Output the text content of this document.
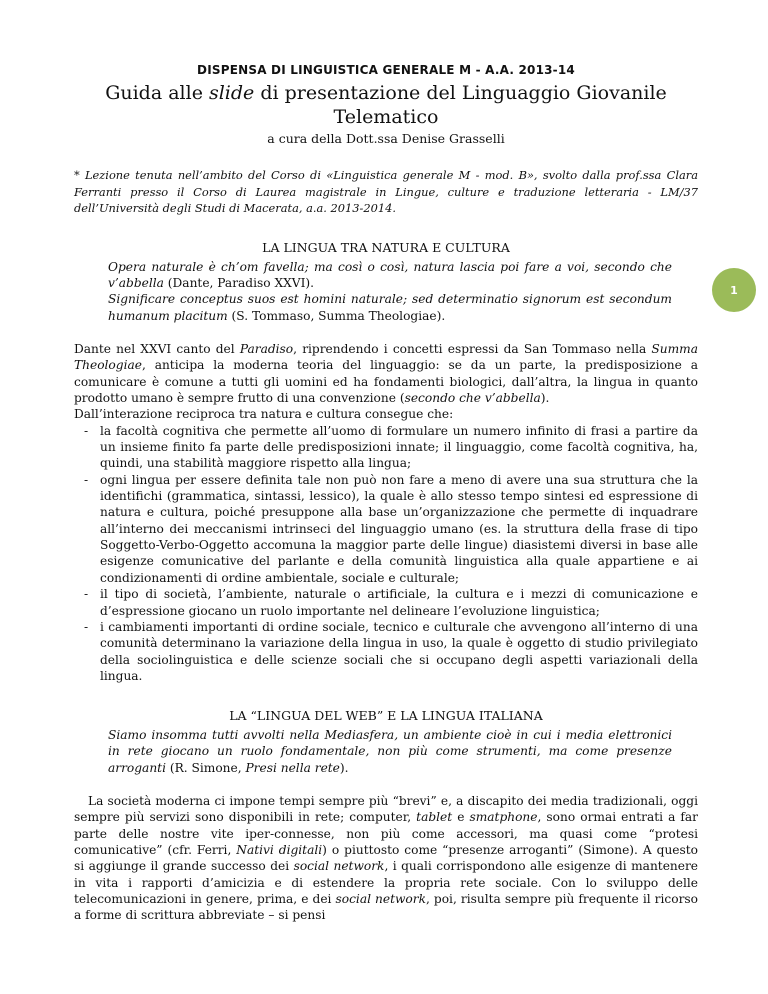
DISPENSA DI LINGUISTICA GENERALE M - A.A. 2013-14
Guida alle slide di presentazione del Linguaggio Giovanile Telematico
a cura della Dott.ssa Denise Grasselli
* Lezione tenuta nell’ambito del Corso di «Linguistica generale M - mod. B», svolto dalla prof.ssa Clara Ferranti presso il Corso di Laurea magistrale in Lingue, culture e traduzione letteraria - LM/37 dell’Università degli Studi di Macerata, a.a. 2013-2014.
LA LINGUA TRA NATURA E CULTURA

Opera naturale è ch’om favella; ma così o così, natura lascia poi fare a voi, secondo che v’abbella (Dante, Paradiso XXVI).

Significare conceptus suos est homini naturale; sed determinatio signorum est secondum humanum placitum (S. Tommaso, Summa Theologiae).

Dante nel XXVI canto del Paradiso, riprendendo i concetti espressi da San Tommaso nella Summa Theologiae, anticipa la moderna teoria del linguaggio: se da un parte, la predisposizione a comunicare è comune a tutti gli uomini ed ha fondamenti biologici, dall’altra, la lingua in quanto prodotto umano è sempre frutto di una convenzione (secondo che v’abbella).

Dall’interazione reciproca tra natura e cultura consegue che:

- la facoltà cognitiva che permette all’uomo di formulare un numero infinito di frasi a partire da un insieme finito fa parte delle predisposizioni innate; il linguaggio, come facoltà cognitiva, ha, quindi, una stabilità maggiore rispetto alla lingua;
- ogni lingua per essere definita tale non può non fare a meno di avere una sua struttura che la identifichi (grammatica, sintassi, lessico), la quale è allo stesso tempo sintesi ed espressione di natura e cultura, poiché presuppone alla base un’organizzazione che permette di inquadrare all’interno dei meccanismi intrinseci del linguaggio umano (es. la struttura della frase di tipo Soggetto-Verbo-Oggetto accomuna la maggior parte delle lingue) diasistemi diversi in base alle esigenze comunicative del parlante e della comunità linguistica alla quale appartiene e ai condizionamenti di ordine ambientale, sociale e culturale;
- il tipo di società, l’ambiente, naturale o artificiale, la cultura e i mezzi di comunicazione e d’espressione giocano un ruolo importante nel delineare l’evoluzione linguistica;
- i cambiamenti importanti di ordine sociale, tecnico e culturale che avvengono all’interno di una comunità determinano la variazione della lingua in uso, la quale è oggetto di studio privilegiato della sociolinguistica e delle scienze sociali che si occupano degli aspetti variazionali della lingua.
LA “LINGUA DEL WEB” E LA LINGUA ITALIANA

Siamo insomma tutti avvolti nella Mediasfera, un ambiente cioè in cui i media elettronici in rete giocano un ruolo fondamentale, non più come strumenti, ma come presenze arroganti (R. Simone, Presi nella rete).

La società moderna ci impone tempi sempre più “brevi” e, a discapito dei media tradizionali, oggi sempre più servizi sono disponibili in rete; computer, tablet e smatphone, sono ormai entrati a far parte delle nostre vite iper-connesse, non più come accessori, ma quasi come “protesi comunicative” (cfr. Ferri, Nativi digitali) o piuttosto come “presenze arroganti” (Simone). A questo si aggiunge il grande successo dei social network, i quali corrispondono alle esigenze di mantenere in vita i rapporti d’amicizia e di estendere la propria rete sociale. Con lo sviluppo delle telecomunicazioni in genere, prima, e dei social network, poi, risulta sempre più frequente il ricorso a forme di scrittura abbreviate – si pensi

1
